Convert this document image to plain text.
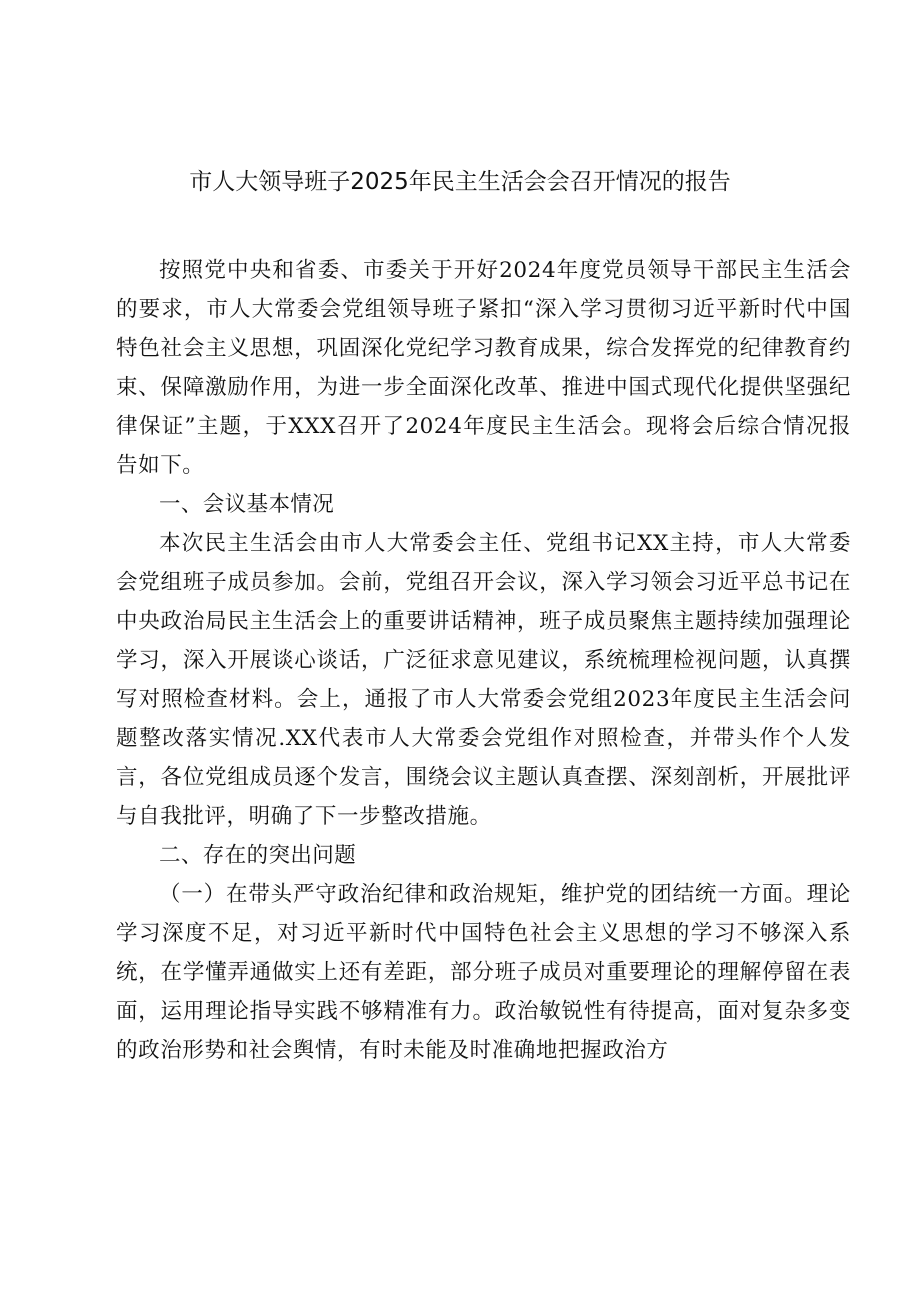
市人大领导班子2025年民主生活会会召开情况的报告

按照党中央和省委、市委关于开好2024年度党员领导干部民主生活会的要求，市人大常委会党组领导班子紧扣“深入学习贯彻习近平新时代中国特色社会主义思想，巩固深化党纪学习教育成果，综合发挥党的纪律教育约束、保障激励作用，为进一步全面深化改革、推进中国式现代化提供坚强纪律保证”主题，于XXX召开了2024年度民主生活会。现将会后综合情况报告如下。

一、会议基本情况

本次民主生活会由市人大常委会主任、党组书记XX主持，市人大常委会党组班子成员参加。会前，党组召开会议，深入学习领会习近平总书记在中央政治局民主生活会上的重要讲话精神，班子成员聚焦主题持续加强理论学习，深入开展谈心谈话，广泛征求意见建议，系统梳理检视问题，认真撰写对照检查材料。会上，通报了市人大常委会党组2023年度民主生活会问题整改落实情况.XX代表市人大常委会党组作对照检查，并带头作个人发言，各位党组成员逐个发言，围绕会议主题认真查摆、深刻剖析，开展批评与自我批评，明确了下一步整改措施。

二、存在的突出问题

（一）在带头严守政治纪律和政治规矩，维护党的团结统一方面。理论学习深度不足，对习近平新时代中国特色社会主义思想的学习不够深入系统，在学懂弄通做实上还有差距，部分班子成员对重要理论的理解停留在表面，运用理论指导实践不够精准有力。政治敏锐性有待提高，面对复杂多变的政治形势和社会舆情，有时未能及时准确地把握政治方
